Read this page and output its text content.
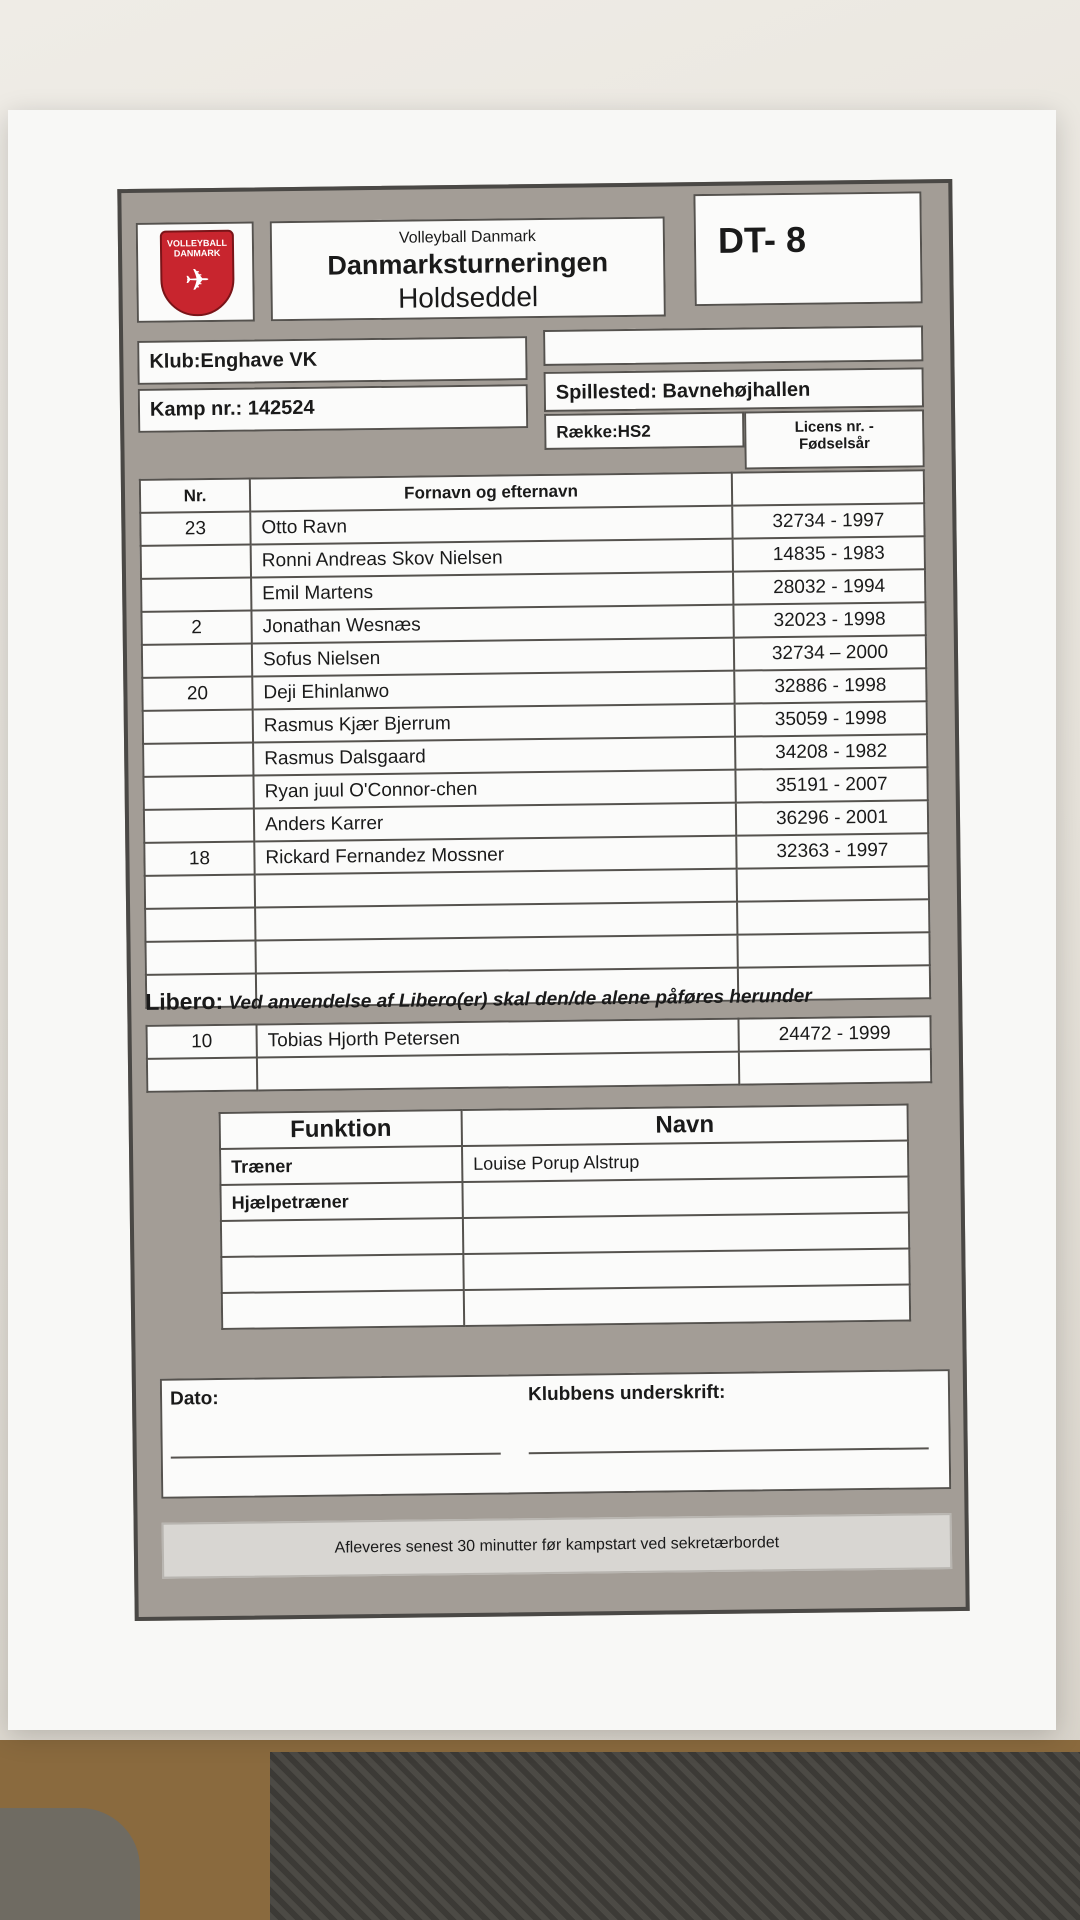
VOLLEYBALL DANMARK
✈
Volleyball Danmark
Danmarksturneringen
Holdseddel
DT- 8
Spillested: Bavnehøjhallen
Række:HS2	Licens nr. -
Fødselsår
Klub:Enghave VK
Kamp nr.: 142524
Nr.	Fornavn og efternavn	
23	Otto Ravn	32734 - 1997
	Ronni Andreas Skov Nielsen	14835 - 1983
	Emil Martens	28032 - 1994
2	Jonathan Wesnæs	32023 - 1998
	Sofus Nielsen	32734 – 2000
20	Deji Ehinlanwo	32886 - 1998
	Rasmus Kjær Bjerrum	35059 - 1998
	Rasmus Dalsgaard	34208 - 1982
	Ryan juul O'Connor-chen	35191 - 2007
	Anders Karrer	36296 - 2001
18	Rickard Fernandez Mossner	32363 - 1997

Libero: Ved anvendelse af Libero(er) skal den/de alene påføres herunder
10	Tobias Hjorth Petersen	24472 - 1999

Funktion	Navn
Træner	Louise Porup Alstrup
Hjælpetræner	

Dato:	Klubbens underskrift:
Afleveres senest 30 minutter før kampstart ved sekretærbordet
